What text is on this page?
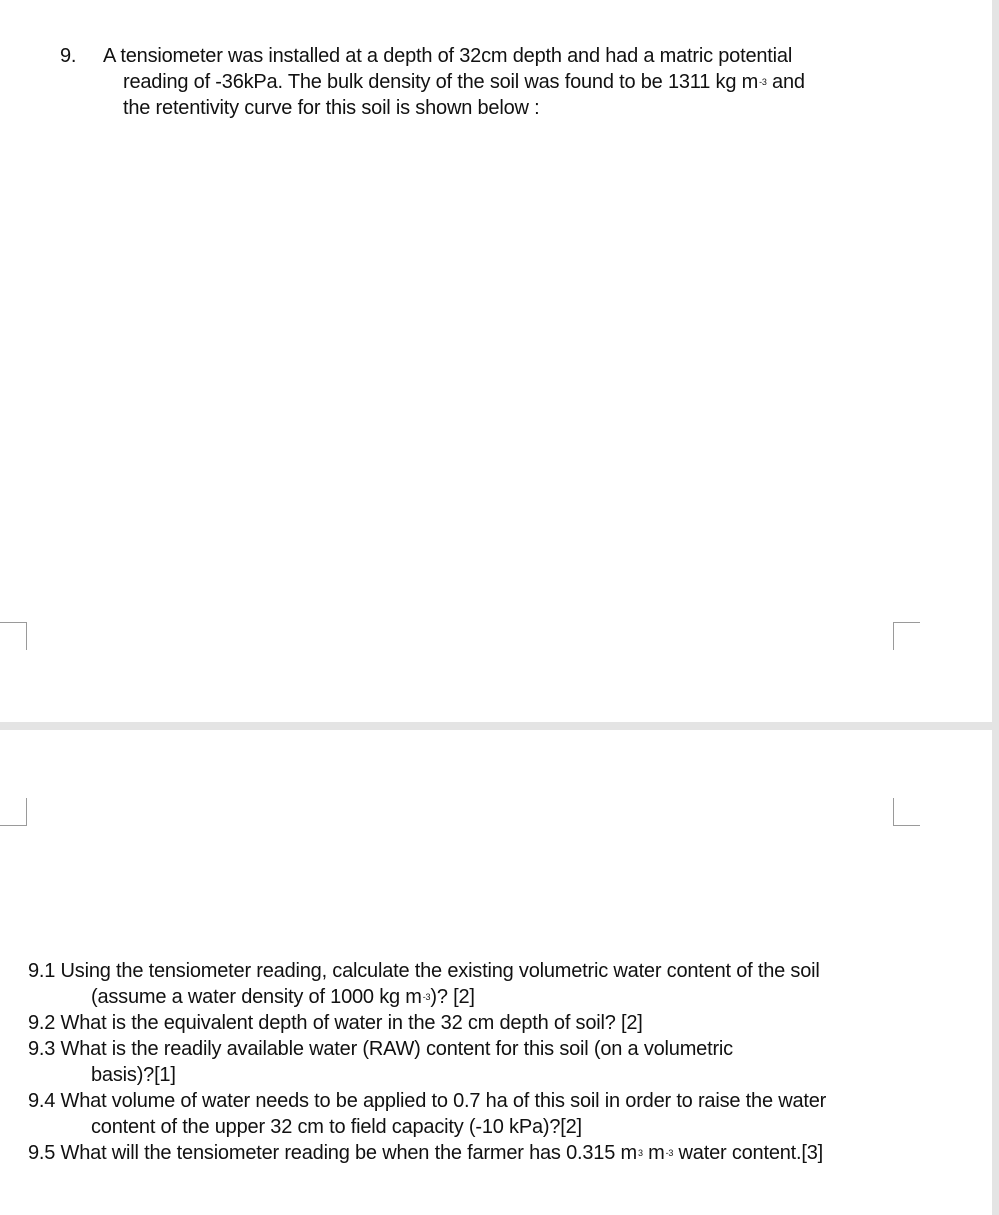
9. A tensiometer was installed at a depth of 32cm depth and had a matric potential
reading of -36kPa. The bulk density of the soil was found to be 1311 kg $m^{-3}$ and
the retentivity curve for this soil is shown below :
9.1 Using the tensiometer reading, calculate the existing volumetric water content of the soil
(assume a water density of 1000 kg $m^{-3}$)? [2]
9.2 What is the equivalent depth of water in the 32 cm depth of soil? [2]
9.3 What is the readily available water (RAW) content for this soil (on a volumetric
basis)?[1]
9.4 What volume of water needs to be applied to 0.7 ha of this soil in order to raise the water
content of the upper 32 cm to field capacity (-10 kPa)?[2]
9.5 What will the tensiometer reading be when the farmer has 0.315 $m^3$ $m^{-3}$ water content.[3]
